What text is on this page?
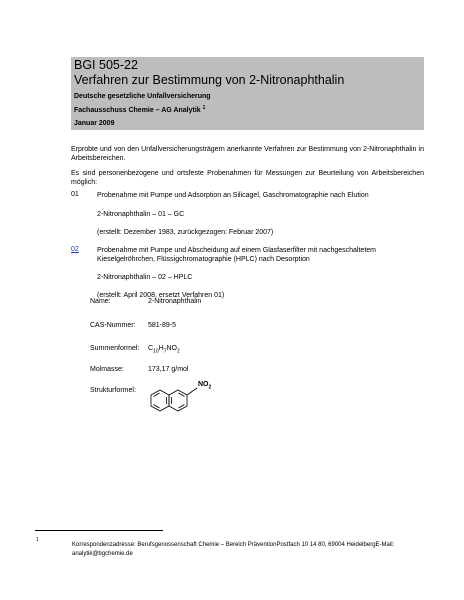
BGI 505-22
Verfahren zur Bestimmung von 2-Nitronaphthalin
Deutsche gesetzliche Unfallversicherung
Fachausschuss Chemie – AG Analytik $^1$
Januar 2009
Erprobte und von den Unfallversicherungsträgern anerkannte Verfahren zur Bestimmung von 2-Nitronaphthalin in Arbeitsbereichen.
Es sind personenbezogene und ortsfeste Probenahmen für Messungen zur Beurteilung von Arbeitsbereichen möglich:
01	Probenahme mit Pumpe und Adsorption an Silicagel, Gaschromatographie nach Elution
2-Nitronaphthalin – 01 – GC
(erstellt: Dezember 1983, zurückgezogen: Februar 2007)
02	Probenahme mit Pumpe und Abscheidung auf einem Glasfaserfilter mit nachgeschaltetem Kieselgelröhrchen, Flüssigchromatographie (HPLC) nach Desorption
2-Nitronaphthalin – 02 – HPLC
(erstellt: April 2008, ersetzt Verfahren 01)
Name:	2-Nitronaphthalin
CAS-Nummer: 581-89-5
Summenformel: $C_{10}H_7NO_2$
Molmasse:	173,17 g/mol
Strukturformel:
$NO_2$
1
Korrespondenzadresse: Berufsgenossenschaft Chemie – Bereich PräventionPostfach 10 14 80, 69004 HeidelbergE-Mail: analytik@bgchemie.de
